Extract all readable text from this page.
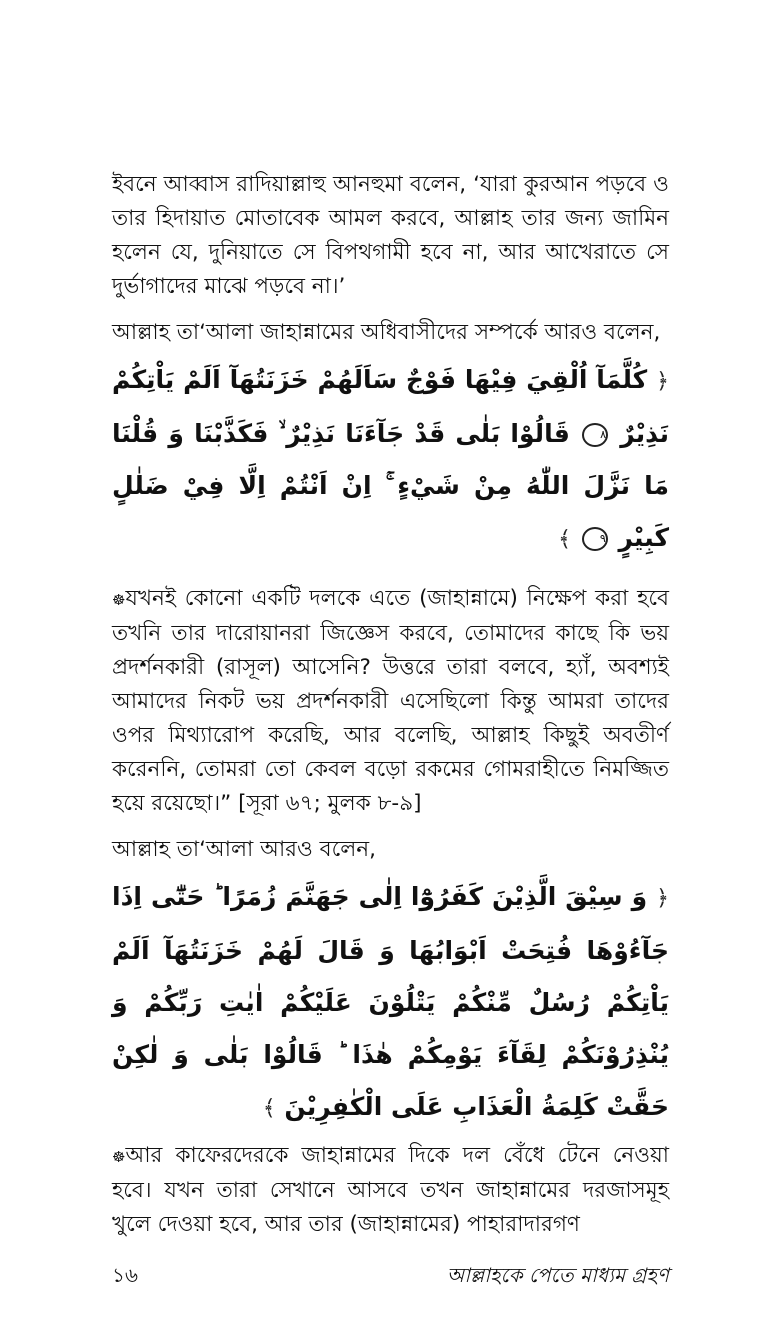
ইবনে আব্বাস রাদিয়াল্লাহু আনহুমা বলেন, ‘যারা কুরআন পড়বে ও তার হিদায়াত মোতাবেক আমল করবে, আল্লাহ তার জন্য জামিন হলেন যে, দুনিয়াতে সে বিপথগামী হবে না, আর আখেরাতে সে দুর্ভাগাদের মাঝে পড়বে না।’

আল্লাহ তা‘আলা জাহান্নামের অধিবাসীদের সম্পর্কে আরও বলেন,

﴿ كُلَّمَآ اُلْقِيَ فِيْهَا فَوْجٌ سَاَلَهُمْ خَزَنَتُهَآ اَلَمْ يَاْتِكُمْ نَذِيْرٌ ٨ قَالُوْا بَلٰى قَدْ جَآءَنَا نَذِيْرٌ ۙ فَكَذَّبْنَا وَ قُلْنَا مَا نَزَّلَ اللّٰهُ مِنْ شَيْءٍ ۚ اِنْ اَنْتُمْ اِلَّا فِيْ ضَلٰلٍ كَبِيْرٍ ٩ ﴾

☸যখনই কোনো একটি দলকে এতে (জাহান্নামে) নিক্ষেপ করা হবে তখনি তার দারোয়ানরা জিজ্ঞেস করবে, তোমাদের কাছে কি ভয় প্রদর্শনকারী (রাসূল) আসেনি? উত্তরে তারা বলবে, হ্যাঁ, অবশ্যই আমাদের নিকট ভয় প্রদর্শনকারী এসেছিলো কিন্তু আমরা তাদের ওপর মিথ্যারোপ করেছি, আর বলেছি, আল্লাহ কিছুই অবতীর্ণ করেননি, তোমরা তো কেবল বড়ো রকমের গোমরাহীতে নিমজ্জিত হয়ে রয়েছো।” [সূরা ৬৭; মুলক ৮-৯]

আল্লাহ তা‘আলা আরও বলেন,

﴿ وَ سِيْقَ الَّذِيْنَ كَفَرُوْٓا اِلٰى جَهَنَّمَ زُمَرًا ؕ حَتّٰٓى اِذَا جَآءُوْهَا فُتِحَتْ اَبْوَابُهَا وَ قَالَ لَهُمْ خَزَنَتُهَآ اَلَمْ يَاْتِكُمْ رُسُلٌ مِّنْكُمْ يَتْلُوْنَ عَلَيْكُمْ اٰيٰتِ رَبِّكُمْ وَ يُنْذِرُوْنَكُمْ لِقَآءَ يَوْمِكُمْ هٰذَا ؕ قَالُوْا بَلٰى وَ لٰكِنْ حَقَّتْ كَلِمَةُ الْعَذَابِ عَلَى الْكٰفِرِيْنَ ﴾

☸আর কাফেরদেরকে জাহান্নামের দিকে দল বেঁধে টেনে নেওয়া হবে। যখন তারা সেখানে আসবে তখন জাহান্নামের দরজাসমূহ খুলে দেওয়া হবে, আর তার (জাহান্নামের) পাহারাদারগণ

১৬	আল্লাহকে পেতে মাধ্যম গ্রহণ
